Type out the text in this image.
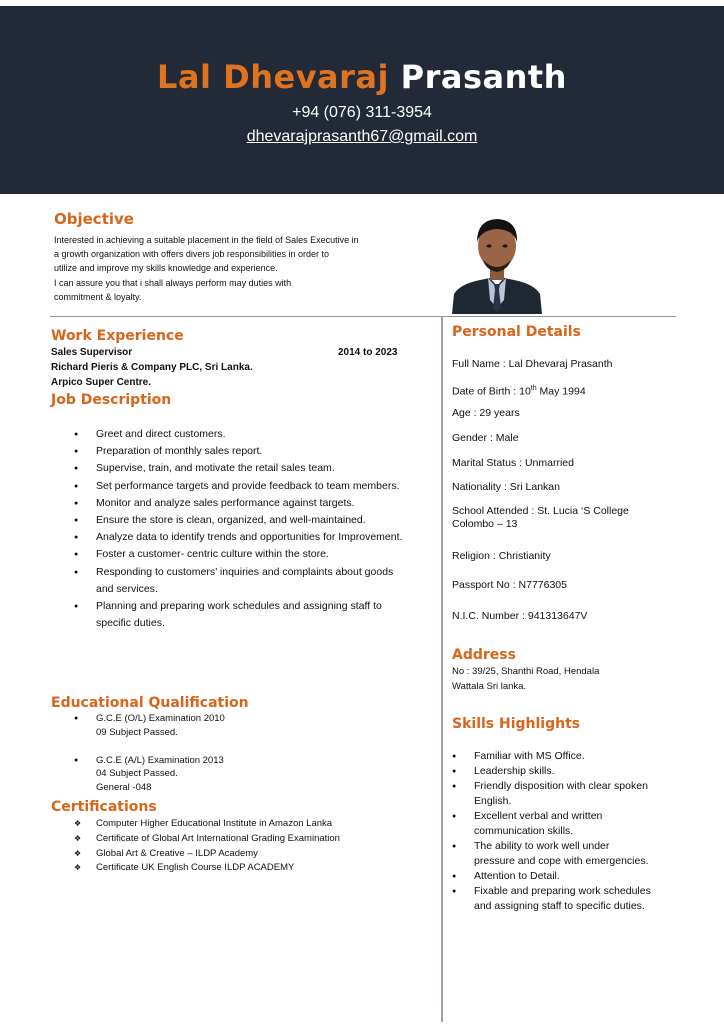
Lal Dhevaraj Prasanth
+94 (076) 311-3954
dhevarajprasanth67@gmail.com
Objective
Interested in achieving a suitable placement in the field of Sales Executive in
a growth organization with offers divers job responsibilities in order to
utilize and improve my skills knowledge and experience.
I can assure you that i shall always perform may duties with
commitment & loyalty.
Work Experience
Sales Supervisor	2014 to 2023
Richard Pieris & Company PLC, Sri Lanka.
Arpico Super Centre.
Job Description
● Greet and direct customers.
● Preparation of monthly sales report.
● Supervise, train, and motivate the retail sales team.
● Set performance targets and provide feedback to team members.
● Monitor and analyze sales performance against targets.
● Ensure the store is clean, organized, and well-maintained.
● Analyze data to identify trends and opportunities for Improvement.
● Foster a customer- centric culture within the store.
● Responding to customers’ inquiries and complaints about goods and services.
● Planning and preparing work schedules and assigning staff to specific duties.
Educational Qualification
● G.C.E (O/L) Examination 2010
09 Subject Passed.
● G.C.E (A/L) Examination 2013
04 Subject Passed.
General -048
Certifications
❖ Computer Higher Educational Institute in Amazon Lanka
❖ Certificate of Global Art International Grading Examination
❖ Global Art & Creative – ILDP Academy
❖ Certificate UK English Course ILDP ACADEMY
Personal Details
Full Name : Lal Dhevaraj Prasanth
Date of Birth : 10th May 1994
Age : 29 years
Gender : Male
Marital Status : Unmarried
Nationality : Sri Lankan
School Attended : St. Lucia ‘S College Colombo – 13
Religion : Christianity
Passport No : N7776305
N.I.C. Number : 941313647V
Address
No : 39/25, Shanthi Road, Hendala
Wattala Sri lanka.
Skills Highlights
● Familiar with MS Office.
● Leadership skills.
● Friendly disposition with clear spoken English.
● Excellent verbal and written communication skills.
● The ability to work well under pressure and cope with emergencies.
● Attention to Detail.
● Fixable and preparing work schedules and assigning staff to specific duties.
